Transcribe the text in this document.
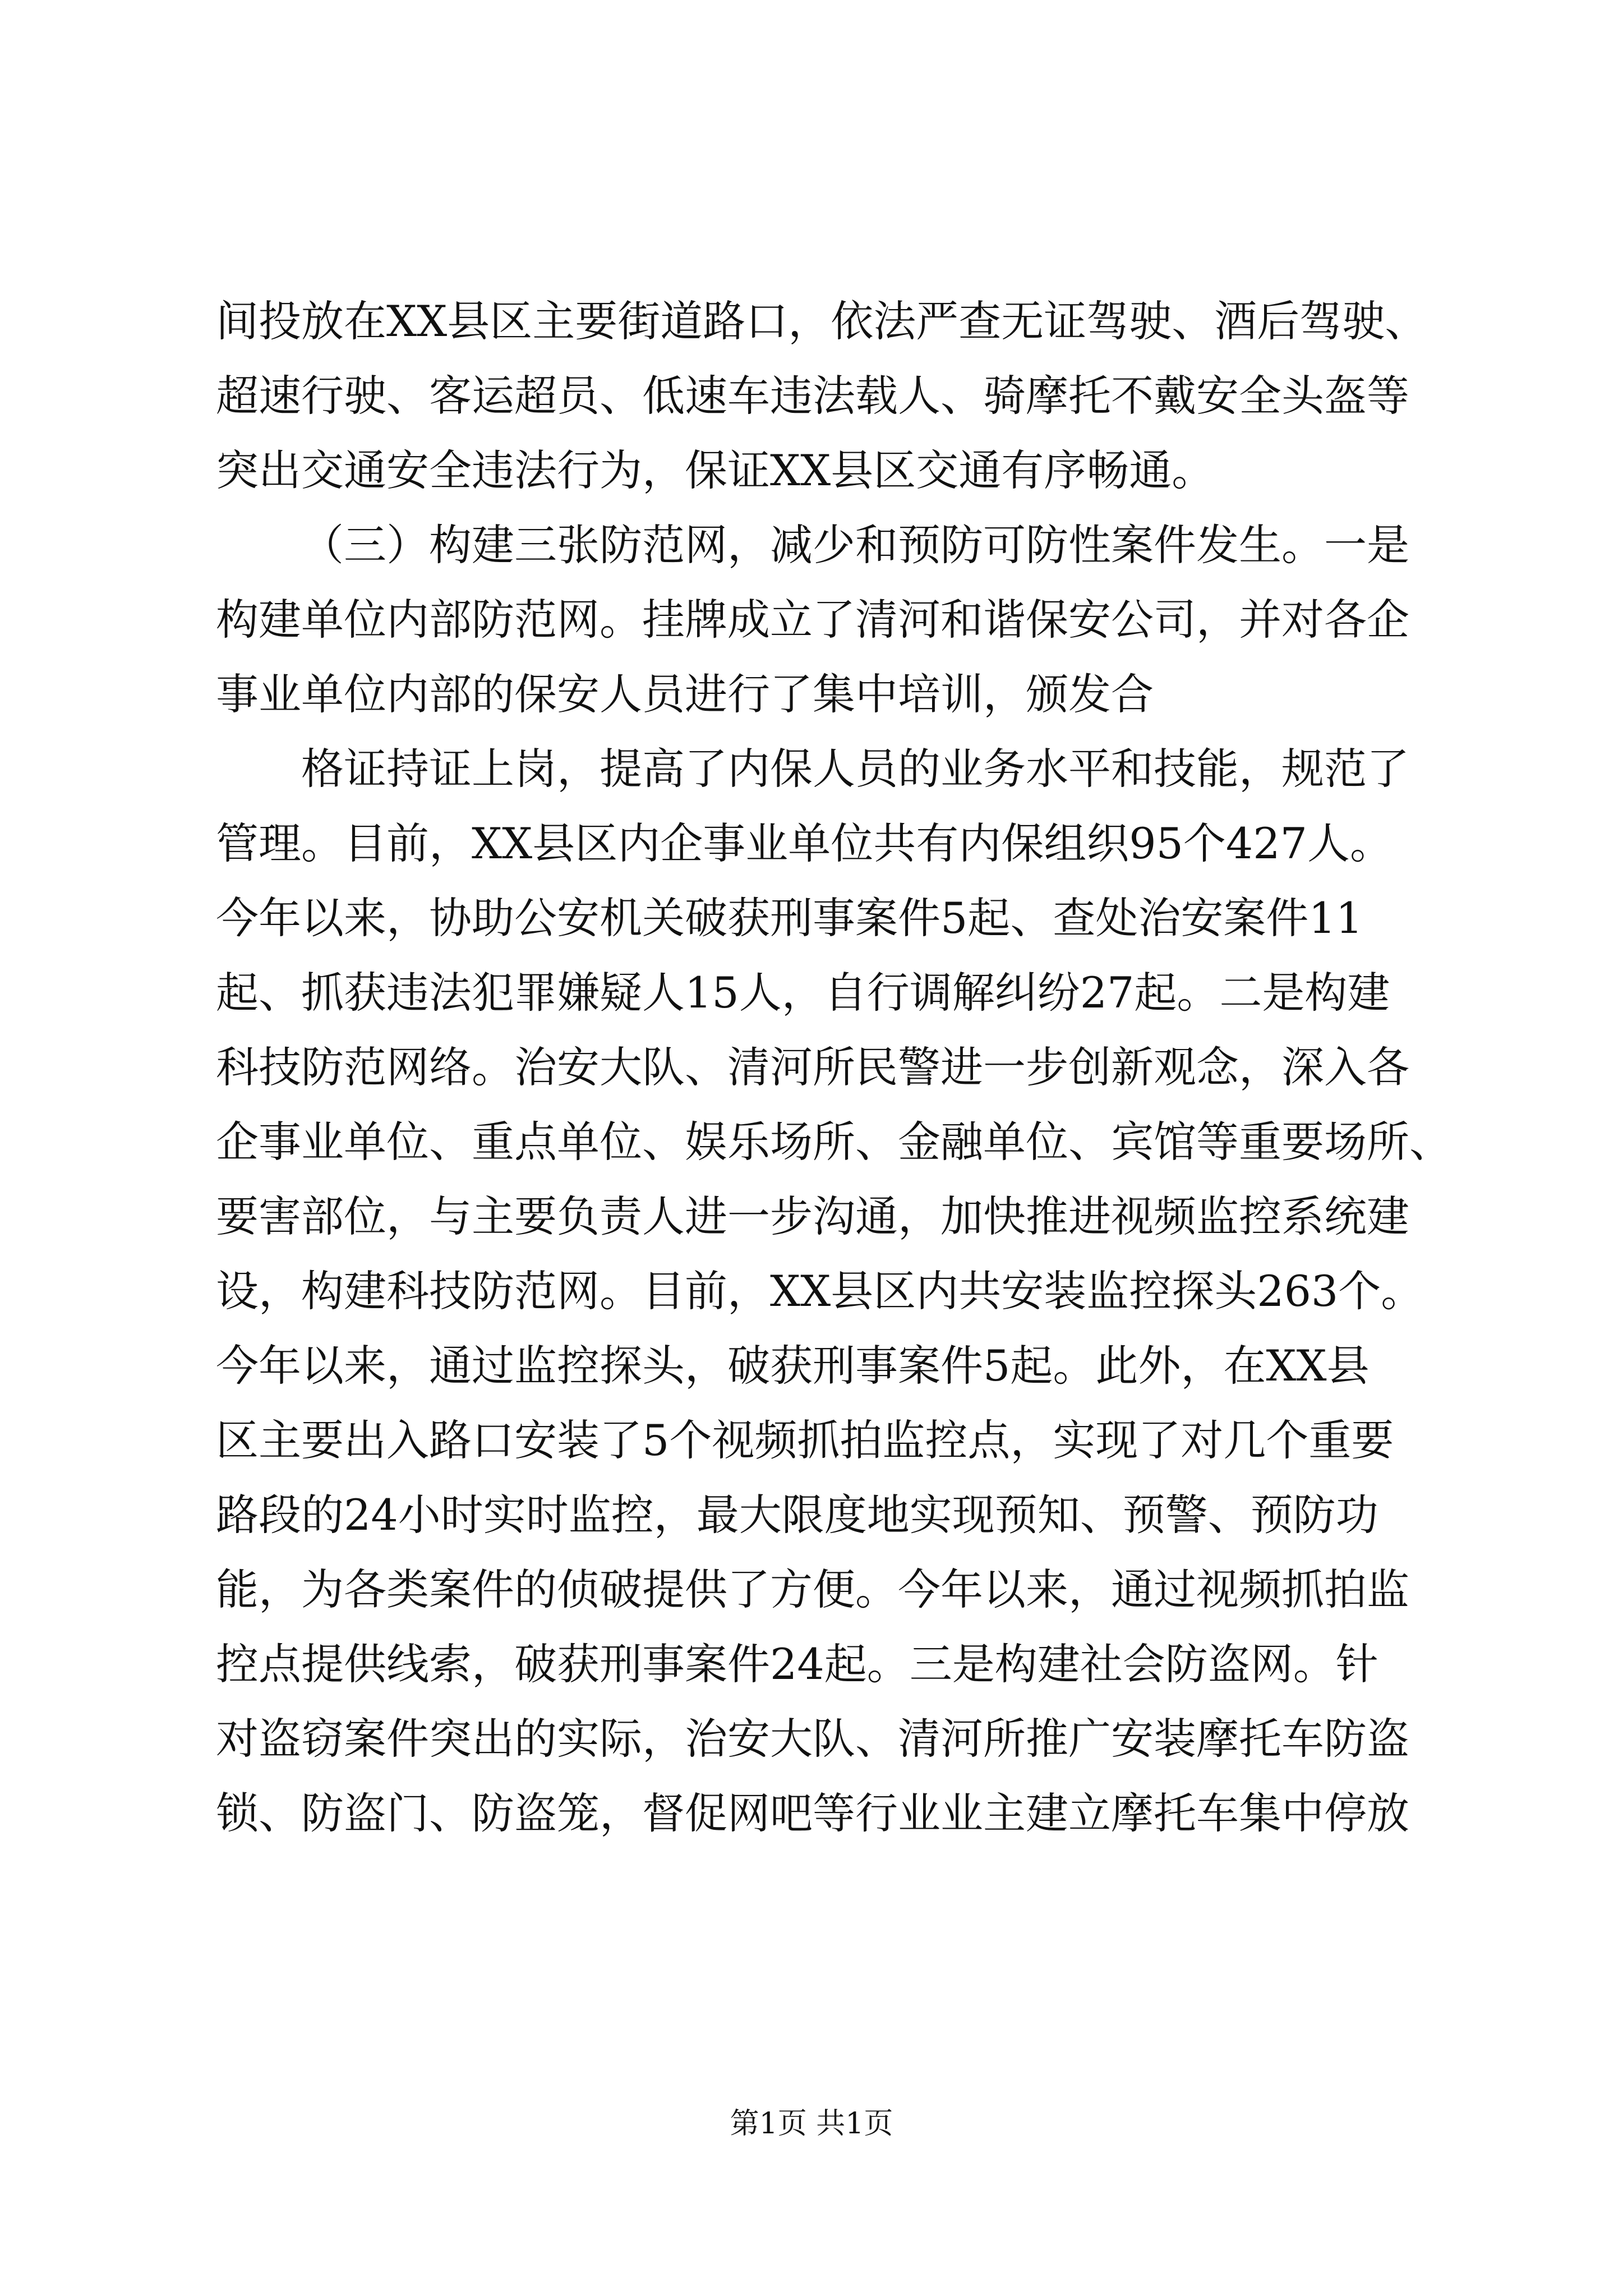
间投放在XX县区主要街道路口，依法严查无证驾驶、酒后驾驶、
超速行驶、客运超员、低速车违法载人、骑摩托不戴安全头盔等
突出交通安全违法行为，保证XX县区交通有序畅通。
（三）构建三张防范网，减少和预防可防性案件发生。一是
构建单位内部防范网。挂牌成立了清河和谐保安公司，并对各企
事业单位内部的保安人员进行了集中培训，颁发合
格证持证上岗，提高了内保人员的业务水平和技能，规范了
管理。目前，XX县区内企事业单位共有内保组织95个427人。
今年以来，协助公安机关破获刑事案件5起、查处治安案件11
起、抓获违法犯罪嫌疑人15人，自行调解纠纷27起。二是构建
科技防范网络。治安大队、清河所民警进一步创新观念，深入各
企事业单位、重点单位、娱乐场所、金融单位、宾馆等重要场所、
要害部位，与主要负责人进一步沟通，加快推进视频监控系统建
设，构建科技防范网。目前，XX县区内共安装监控探头263个。
今年以来，通过监控探头，破获刑事案件5起。此外，在XX县
区主要出入路口安装了5个视频抓拍监控点，实现了对几个重要
路段的24小时实时监控，最大限度地实现预知、预警、预防功
能，为各类案件的侦破提供了方便。今年以来，通过视频抓拍监
控点提供线索，破获刑事案件24起。三是构建社会防盗网。针
对盗窃案件突出的实际，治安大队、清河所推广安装摩托车防盗
锁、防盗门、防盗笼，督促网吧等行业业主建立摩托车集中停放
第1页 共1页
